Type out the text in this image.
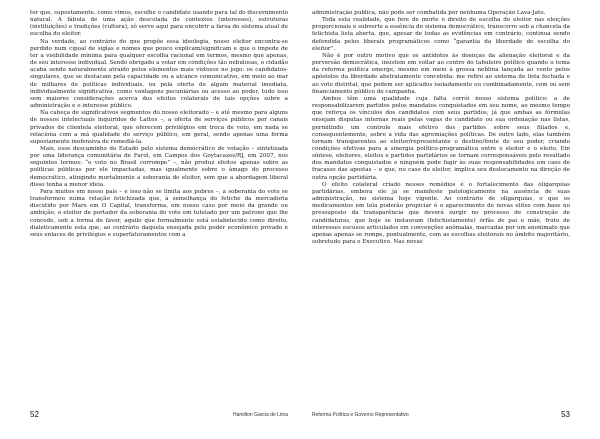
tor que, supostamente, como vimos, escolhe o candidato usando para tal do discernimento natural. A fábula de uma ação descolada de contextos (interesses), estruturas (instituições) e tradições (cultura), só serve aqui para encobrir a farsa do sistema atual de escolha do eleitor.

Na verdade, ao contrário do que propõe essa ideologia, nosso eleitor encontra-se perdido num cipoal de siglas e nomes que pouco explicam/significam e que o impede de ter a visibilidade mínima para qualquer escolha racional em termos, mesmo que apenas, de seu interesse individual. Sendo obrigado a votar em condições tão nebulosas, o cidadão acaba sendo naturalmente atraído pelos elementos mais vistosos no jogo: os candidatos-singulares, que se destacam pela capacidade ou a alcance comunicativo, em meio ao mar de milhares de políticas individuais, ou pela oferta de algum material imediata, individualmente significativa, como vantagens pecuniárias ou acesso ao poder, tudo isso sem maiores considerações acerca dos efeitos colaterais de tais opções sobre a administração e o interesse público.

Na cabeça de significativos segmentos do nosso eleitorado – e até mesmo para alguns de nossos intelectuais inquiridos de Lattes –, a oferta de serviços públicos por canais privados de clientela eleitoral, que oferecem privilégios em troca de voto, em nada se relaciona com a má qualidade do serviço público, em geral, sendo apenas uma forma supostamente inofensiva de remediá-la.

Mais, esse descaminho do Estado pelo sistema democrático de votação – sintetizada por uma liderança comunitária de Farol, em Campos dos Goytacazes/RJ, em 2007, nos seguintes termos: “o voto no Brasil corrompe” –, não produz efeitos apenas sobre as políticas públicas por ele impactadas, mas igualmente sobre o âmago do processo democrático, atingindo mortalmente a soberania do eleitor, sem que a abordagem liberal disso tenha a menor ideia.

Para muitos em nosso país – e isso não se limita aos pobres –, a soberania do voto se transformou numa relação fetichizada que, à semelhança do fetiche da mercadoria discutido por Marx em O Capital, transforma, em nosso caso por meio da grande ou ambição, o eleitor de portador da soberania do voto em tutelado por um patrono que lhe concede, sob a forma de favor, aquilo que formalmente está estabelecido como direito, dialeticamente esta que, ao contrário daquela ensejada pelo poder econômico privado e seus enlaces de privilégios e superfaturamentos com a

52	Hamilton Garcia de Lima

administração pública, não pode ser combatida por nenhuma Operação Lava-Jato.

Toda esta realidade, que fere de morte o direito de escolha do eleitor nas eleições proporcionais e subverte a essência do sistema democrático, transcorre sob a chancela da fetichista lista aberta, que, apesar de todas as evidências em contrário, continua sendo defendida pelos liberais programáticos como “garantia da liberdade de escolha do eleitor”.

Não é por outro motivo que os antídotos às doenças da alienação eleitoral e da perversão democrática, insistem em voltar ao centro do tabuleiro político quando o tema da reforma política emerge, mesmo em meio à grossa neblina lançada ao vento pelos apóstolos da liberdade abstratamente concebida: me refiro ao sistema de lista fechada e ao voto distrital, que podem ser aplicados isoladamente ou combinadamente, com ou sem financiamento público de campanha.

Ambos têm uma qualidade cuja falta corrói nosso sistema político: a de responsabilizarem partidos pelos mandatos conquistados em seu nome, ao mesmo tempo que reforça os vínculos dos candidatos com seus partidos, já que ambas as fórmulas ensejam disputas internas reais pelas vagas de candidato ou sua ordenação nas listas, permitindo um controle mais efetivo dos partidos sobre seus filiados e, consequentemente, sobre a vida das agremiações políticas. De outro lado, elas também tornam transparentes ao eleitor/representante o destino/fonte de seu poder, criando condições efetivas para a sinergia político-programática entre o eleitor e o eleito. Em síntese, eleitores, eleitos e partidos partidários se tornam corresponsáveis pelo resultado dos mandatos conquistados e ninguém pode fugir às suas responsabilidades em caso de fracasso das apostas – o que, no caso do eleitor, implica seu deslocamento na direção de outra opção partidária.

O efeito colateral criado nesses remédios é o fortalecimento das oligarquias partidárias, embora ele já se manifeste patologicamente na ausência de suas administração, no sistema hoje vigente. Ao contrário de oligarquias, o que os medicamentos em tela poderão propiciar é o aparecimento de novas elites com base no pressuposto da transparência que deverá surgir no processo de construção de candidaturas, que hoje se instauram (fetichistamente) órfãs de pai e mãe, fruto de interesses escusos articulados em convenções anômalas, marcadas por um anonimato que apenas apenas se rompe, pontualmente, com as escolhas eleitorais no âmbito majoritário, sobretudo para o Executivo. Nas novas

Reforma Política e Governo Representativo	53
